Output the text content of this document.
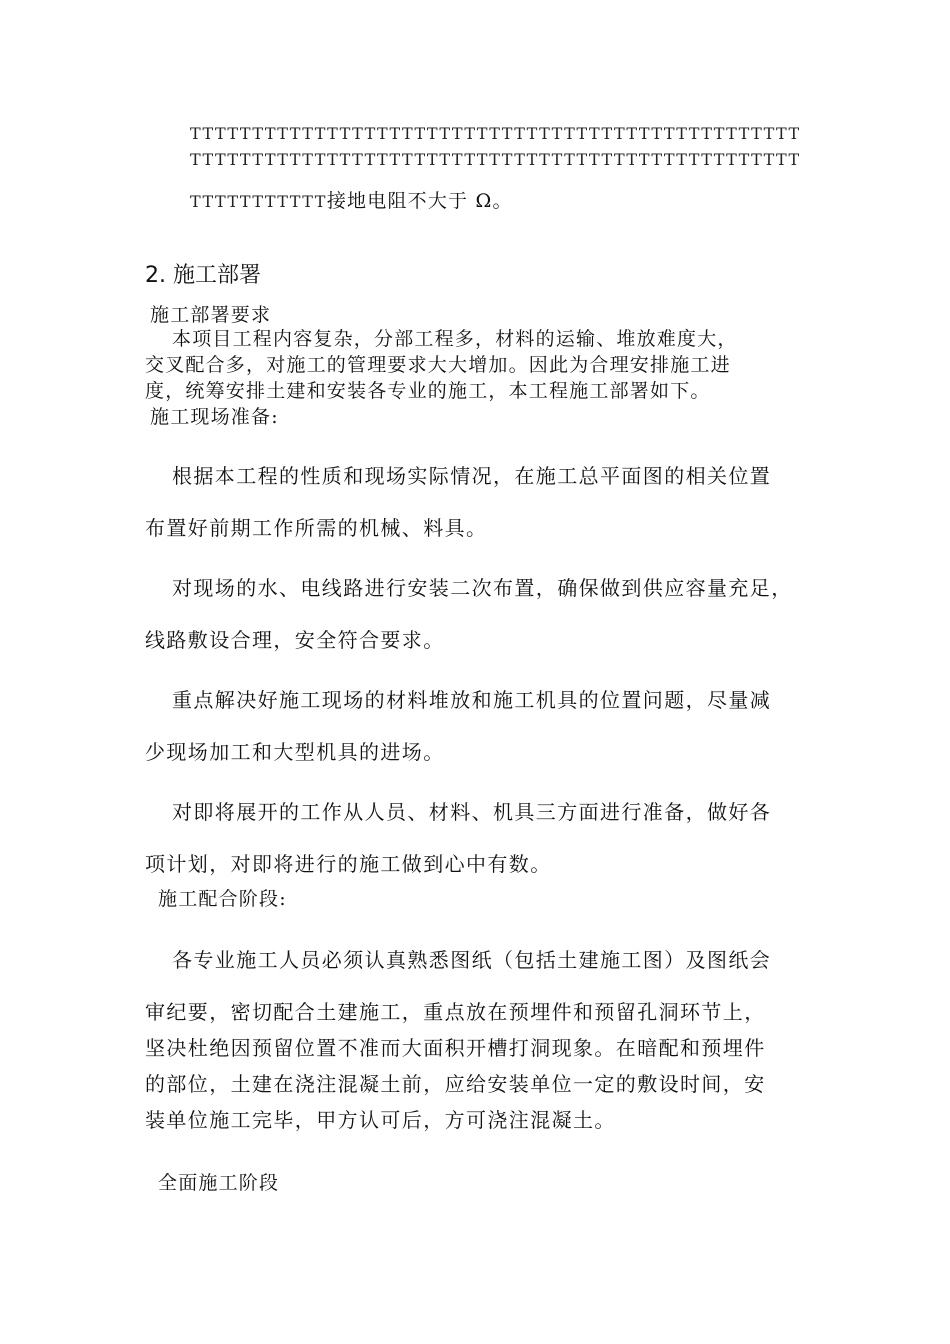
TTTTTTTTTTTTTTTTTTTTTTTTTTTTTTTTTTTTTTTTTTTTTTTTT
TTTTTTTTTTTTTTTTTTTTTTTTTTTTTTTTTTTTTTTTTTTTTTTTT
TTTTTTTTTTT接地电阻不大于 Ω。
2. 施工部署
施工部署要求
本项目工程内容复杂，分部工程多，材料的运输、堆放难度大，
交叉配合多，对施工的管理要求大大增加。因此为合理安排施工进
度，统筹安排土建和安装各专业的施工，本工程施工部署如下。
施工现场准备:
根据本工程的性质和现场实际情况，在施工总平面图的相关位置
布置好前期工作所需的机械、料具。
对现场的水、电线路进行安装二次布置，确保做到供应容量充足，
线路敷设合理，安全符合要求。
重点解决好施工现场的材料堆放和施工机具的位置问题，尽量减
少现场加工和大型机具的进场。
对即将展开的工作从人员、材料、机具三方面进行准备，做好各
项计划，对即将进行的施工做到心中有数。
施工配合阶段:
各专业施工人员必须认真熟悉图纸（包括土建施工图）及图纸会
审纪要，密切配合土建施工，重点放在预埋件和预留孔洞环节上，
坚决杜绝因预留位置不准而大面积开槽打洞现象。在暗配和预埋件
的部位，土建在浇注混凝土前，应给安装单位一定的敷设时间，安
装单位施工完毕，甲方认可后，方可浇注混凝土。
全面施工阶段
